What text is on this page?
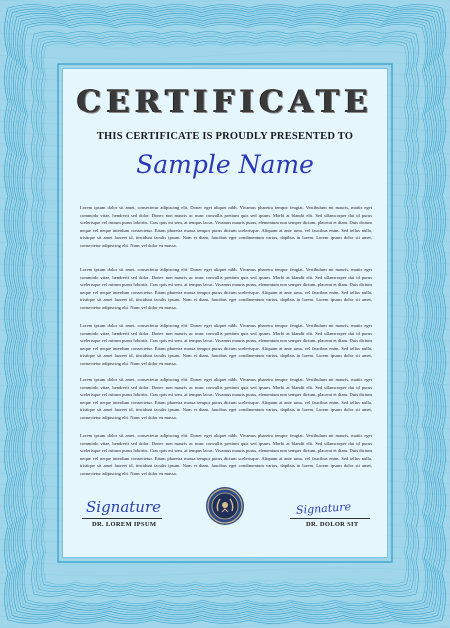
CERTIFICATE
THIS CERTIFICATE IS PROUDLY PRESENTED TO
Sample Name
Lorem ipsum dolor sit amet, consectetur adipiscing elit. Donec eget aliquet nibh. Vivamus pharetra tempor feugiat. Vestibulum mi mauris, mattis eget commodo vitae, hendrerit sed dolor. Donec non mauris ac nunc convallis pretium quis sed ipsum. Morbi at blandit elit. Sed ullamcorper dui id purus scelerisque vel rutrum purus lobortis. Cras quis est sem, at tempus lacus. Vivamus mauris purus, elementum non semper dictum, placerat et diam. Duis dictum neque vel neque interdum consectetur. Etiam pharetra massa tempor purus dictum scelerisque. Aliquam at ante urna, vel faucibus enim. Sed tellus nulla, tristique sit amet laoreet id, tincidunt iaculis ipsum. Nam et diam, faucibus eget condimentum varius, dapibus in lorem. Lorem ipsum dolor sit amet, consectetur adipiscing elit. Nunc vel dolor eu massa.
Lorem ipsum dolor sit amet, consectetur adipiscing elit. Donec eget aliquet nibh. Vivamus pharetra tempor feugiat. Vestibulum mi mauris, mattis eget commodo vitae, hendrerit sed dolor. Donec non mauris ac nunc convallis pretium quis sed ipsum. Morbi at blandit elit. Sed ullamcorper dui id purus scelerisque vel rutrum purus lobortis. Cras quis est sem, at tempus lacus. Vivamus mauris purus, elementum non semper dictum, placerat et diam. Duis dictum neque vel neque interdum consectetur. Etiam pharetra massa tempor purus dictum scelerisque. Aliquam at ante urna, vel faucibus enim. Sed tellus nulla, tristique sit amet laoreet id, tincidunt iaculis ipsum. Nam et diam, faucibus eget condimentum varius, dapibus in lorem. Lorem ipsum dolor sit amet, consectetur adipiscing elit. Nunc vel dolor eu massa.
Lorem ipsum dolor sit amet, consectetur adipiscing elit. Donec eget aliquet nibh. Vivamus pharetra tempor feugiat. Vestibulum mi mauris, mattis eget commodo vitae, hendrerit sed dolor. Donec non mauris ac nunc convallis pretium quis sed ipsum. Morbi at blandit elit. Sed ullamcorper dui id purus scelerisque vel rutrum purus lobortis. Cras quis est sem, at tempus lacus. Vivamus mauris purus, elementum non semper dictum, placerat et diam. Duis dictum neque vel neque interdum consectetur. Etiam pharetra massa tempor purus dictum scelerisque. Aliquam at ante urna, vel faucibus enim. Sed tellus nulla, tristique sit amet laoreet id, tincidunt iaculis ipsum. Nam et diam, faucibus eget condimentum varius, dapibus in lorem. Lorem ipsum dolor sit amet, consectetur adipiscing elit. Nunc vel dolor eu massa.
Lorem ipsum dolor sit amet, consectetur adipiscing elit. Donec eget aliquet nibh. Vivamus pharetra tempor feugiat. Vestibulum mi mauris, mattis eget commodo vitae, hendrerit sed dolor. Donec non mauris ac nunc convallis pretium quis sed ipsum. Morbi at blandit elit. Sed ullamcorper dui id purus scelerisque vel rutrum purus lobortis. Cras quis est sem, at tempus lacus. Vivamus mauris purus, elementum non semper dictum, placerat et diam. Duis dictum neque vel neque interdum consectetur. Etiam pharetra massa tempor purus dictum scelerisque. Aliquam at ante urna, vel faucibus enim. Sed tellus nulla, tristique sit amet laoreet id, tincidunt iaculis ipsum. Nam et diam, faucibus eget condimentum varius, dapibus in lorem. Lorem ipsum dolor sit amet, consectetur adipiscing elit. Nunc vel dolor eu massa.
Lorem ipsum dolor sit amet, consectetur adipiscing elit. Donec eget aliquet nibh. Vivamus pharetra tempor feugiat. Vestibulum mi mauris, mattis eget commodo vitae, hendrerit sed dolor. Donec non mauris ac nunc convallis pretium quis sed ipsum. Morbi at blandit elit. Sed ullamcorper dui id purus scelerisque vel rutrum purus lobortis. Cras quis est sem, at tempus lacus. Vivamus mauris purus, elementum non semper dictum, placerat et diam. Duis dictum neque vel neque interdum consectetur. Etiam pharetra massa tempor purus dictum scelerisque. Aliquam at ante urna, vel faucibus enim. Sed tellus nulla, tristique sit amet laoreet id, tincidunt iaculis ipsum. Nam et diam, faucibus eget condimentum varius, dapibus in lorem. Lorem ipsum dolor sit amet, consectetur adipiscing elit. Nunc vel dolor eu massa.
Signature
DR. LOREM IPSUM
Signature
DR. DOLOR SIT
